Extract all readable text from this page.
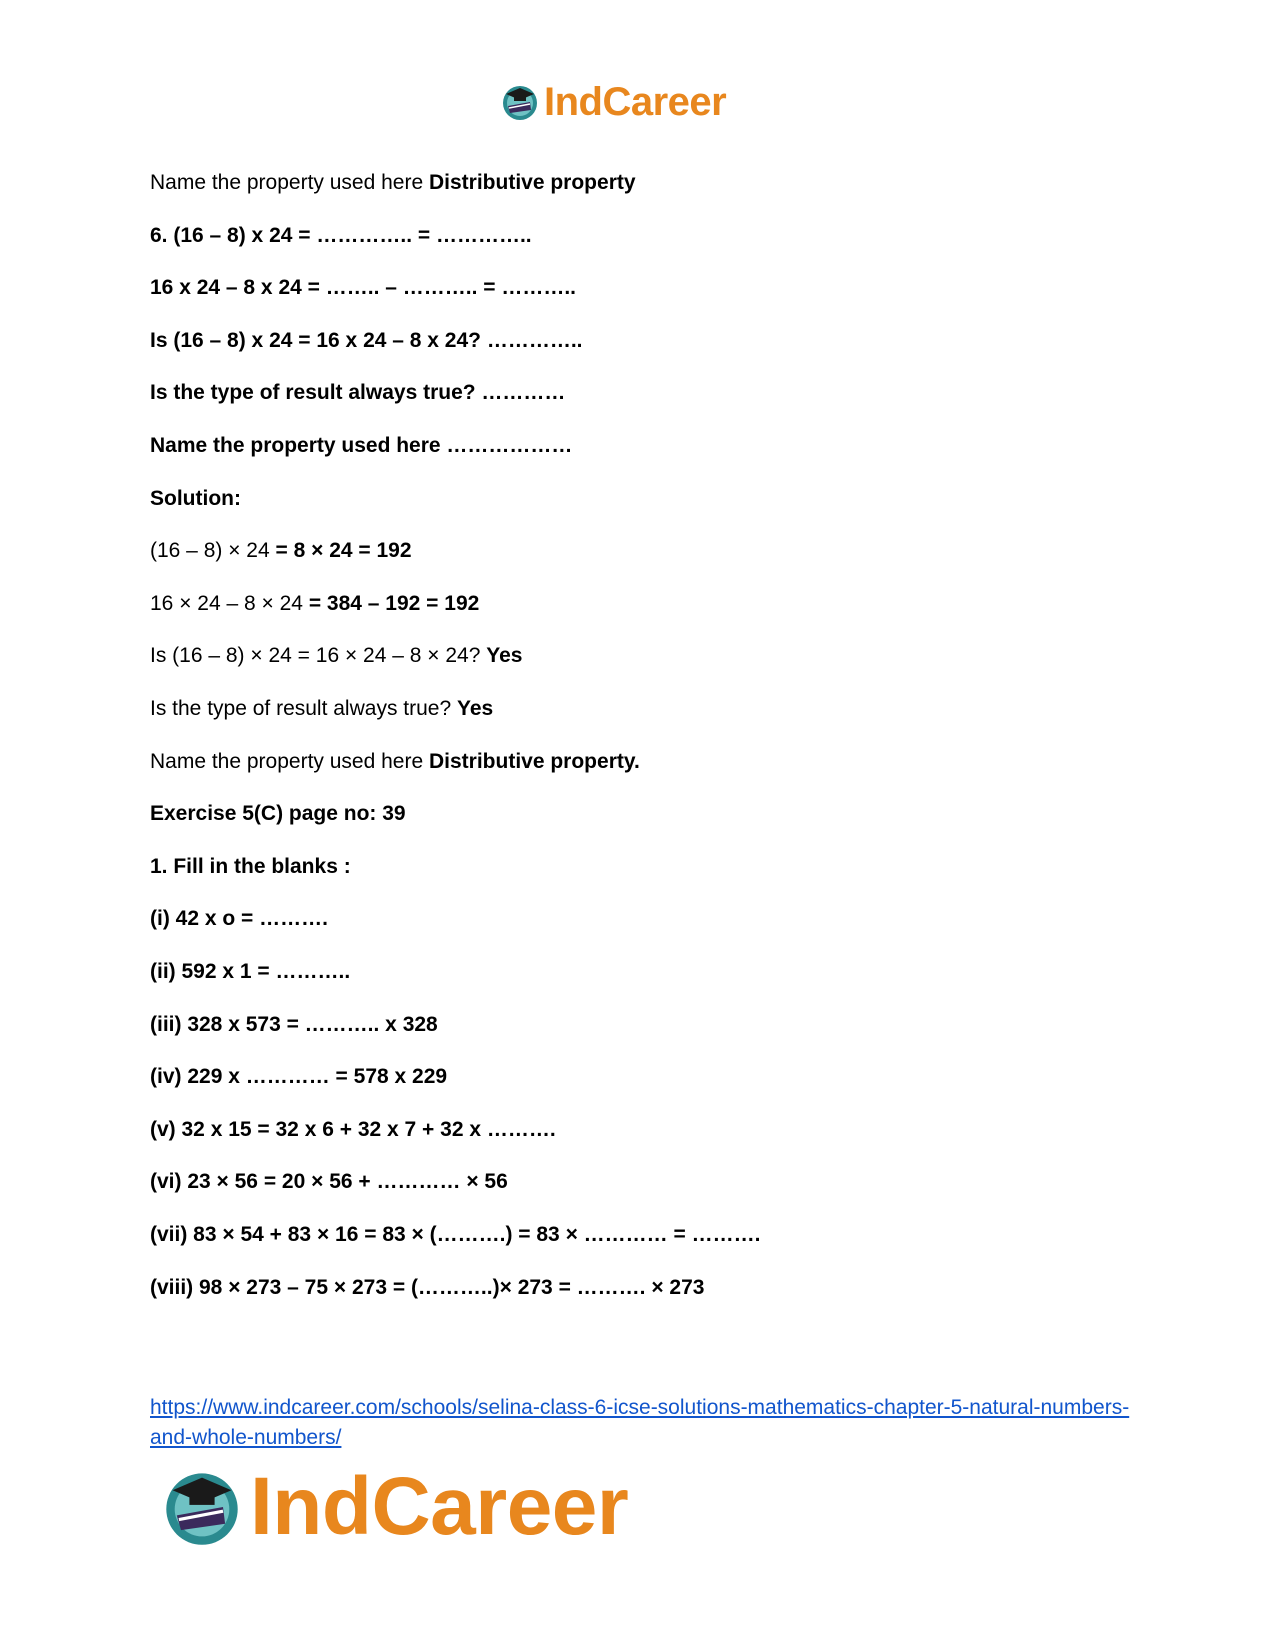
IndCareer
Name the property used here Distributive property
6. (16 – 8) x 24 = ………….. = …………..
16 x 24 – 8 x 24 = …….. – ……….. = ………..
Is (16 – 8) x 24 = 16 x 24 – 8 x 24? …………..
Is the type of result always true? …………
Name the property used here ………………
Solution:
(16 – 8) × 24 = 8 × 24 = 192
16 × 24 – 8 × 24 = 384 – 192 = 192
Is (16 – 8) × 24 = 16 × 24 – 8 × 24? Yes
Is the type of result always true? Yes
Name the property used here Distributive property.
Exercise 5(C) page no: 39
1. Fill in the blanks :
(i) 42 x o = ……….
(ii) 592 x 1 = ………..
(iii) 328 x 573 = ……….. x 328
(iv) 229 x ………… = 578 x 229
(v) 32 x 15 = 32 x 6 + 32 x 7 + 32 x ……….
(vi) 23 × 56 = 20 × 56 + ………… × 56
(vii) 83 × 54 + 83 × 16 = 83 × (……….) = 83 × ………… = ……….
(viii) 98 × 273 – 75 × 273 = (………..)× 273 = ………. × 273
https://www.indcareer.com/schools/selina-class-6-icse-solutions-mathematics-chapter-5-natural-numbers-and-whole-numbers/
IndCareer
